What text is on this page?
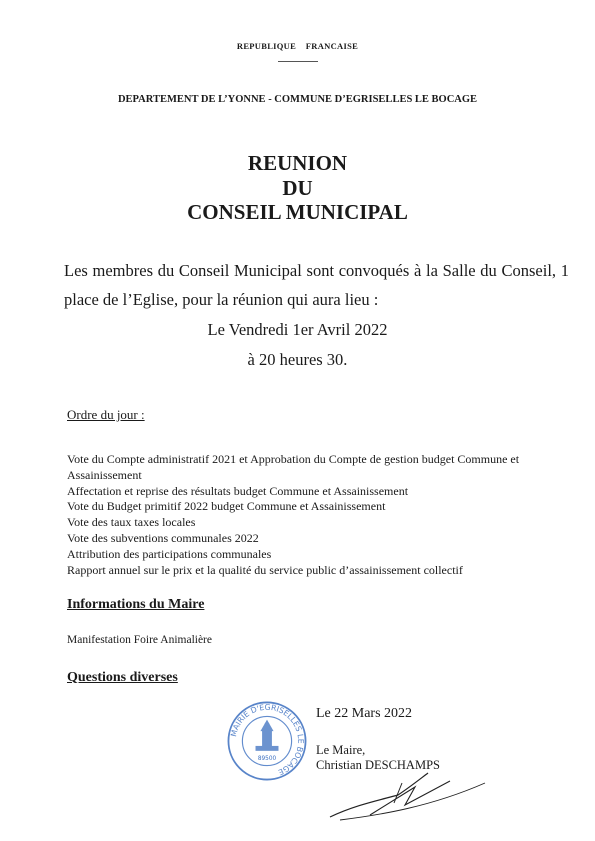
REPUBLIQUE    FRANCAISE
DEPARTEMENT DE L’YONNE - COMMUNE D’EGRISELLES LE BOCAGE
REUNION
DU
CONSEIL MUNICIPAL
Les membres du Conseil Municipal sont convoqués à la Salle du Conseil, 1 place de l’Eglise, pour la réunion qui aura lieu :
Le Vendredi 1er Avril 2022
à 20 heures 30.
Ordre du jour :
Vote du Compte administratif 2021 et Approbation du Compte de gestion budget Commune et Assainissement
Affectation et reprise des résultats budget Commune et Assainissement
Vote du Budget primitif 2022 budget Commune et Assainissement
Vote des taux taxes locales
Vote des subventions communales 2022
Attribution des participations communales
Rapport annuel sur le prix et la qualité du service public d’assainissement collectif
Informations du Maire
Manifestation Foire Animalière
Questions diverses
MAIRIE D'EGRISELLES LE BOCAGE
89500
Le 22 Mars 2022
Le Maire,
Christian DESCHAMPS
